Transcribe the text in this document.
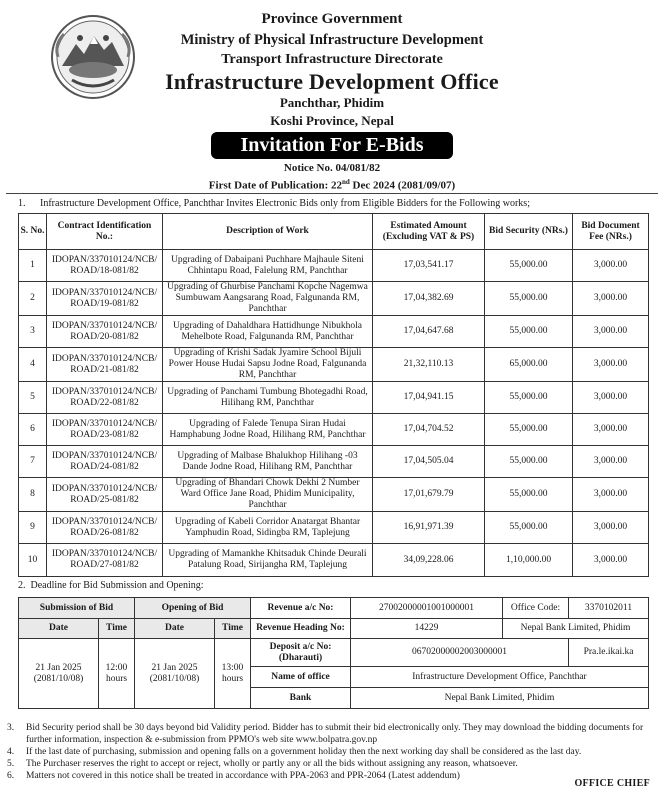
Province Government
Ministry of Physical Infrastructure Development
Transport Infrastructure Directorate
Infrastructure Development Office
Panchthar, Phidim
Koshi Province, Nepal
Invitation For E-Bids
Notice No. 04/081/82
First Date of Publication: 22nd Dec 2024 (2081/09/07)
1. Infrastructure Development Office, Panchthar Invites Electronic Bids only from Eligible Bidders for the Following works;
S. No.	Contract Identification No.:	Description of Work	Estimated Amount (Excluding VAT & PS)	Bid Security (NRs.)	Bid Document Fee (NRs.)
1	IDOPAN/337010124/NCB/ ROAD/18-081/82	Upgrading of Dabaipani Puchhare Majhaule Siteni Chhintapu Road, Falelung RM, Panchthar	17,03,541.17	55,000.00	3,000.00
2	IDOPAN/337010124/NCB/ ROAD/19-081/82	Upgrading of Ghurbise Panchami Kopche Nagemwa Sumbuwam Aangsarang Road, Falgunanda RM, Panchthar	17,04,382.69	55,000.00	3,000.00
3	IDOPAN/337010124/NCB/ ROAD/20-081/82	Upgrading of Dahaldhara Hattidhunge Nibukhola Mehelbote Road, Falgunanda RM, Panchthar	17,04,647.68	55,000.00	3,000.00
4	IDOPAN/337010124/NCB/ ROAD/21-081/82	Upgrading of Krishi Sadak Jyamire School Bijuli Power House Hudai Sapsu Jodne Road, Falgunanda RM, Panchthar	21,32,110.13	65,000.00	3,000.00
5	IDOPAN/337010124/NCB/ ROAD/22-081/82	Upgrading of Panchami Tumbung Bhotegadhi Road, Hilihang RM, Panchthar	17,04,941.15	55,000.00	3,000.00
6	IDOPAN/337010124/NCB/ ROAD/23-081/82	Upgrading of Falede Tenupa Siran Hudai Hamphabung Jodne Road, Hilihang RM, Panchthar	17,04,704.52	55,000.00	3,000.00
7	IDOPAN/337010124/NCB/ ROAD/24-081/82	Upgrading of Malbase Bhalukhop Hilihang -03 Dande Jodne Road, Hilihang RM, Panchthar	17,04,505.04	55,000.00	3,000.00
8	IDOPAN/337010124/NCB/ ROAD/25-081/82	Upgrading of Bhandari Chowk Dekhi 2 Number Ward Office Jane Road, Phidim Municipality, Panchthar	17,01,679.79	55,000.00	3,000.00
9	IDOPAN/337010124/NCB/ ROAD/26-081/82	Upgrading of Kabeli Corridor Anatargat Bhantar Yamphudin Road, Sidingba RM, Taplejung	16,91,971.39	55,000.00	3,000.00
10	IDOPAN/337010124/NCB/ ROAD/27-081/82	Upgrading of Mamankhe Khitsaduk Chinde Deurali Patalung Road, Sirijangha RM, Taplejung	34,09,228.06	1,10,000.00	3,000.00
2. Deadline for Bid Submission and Opening:
Submission of Bid		Opening of Bid		Revenue a/c No:	27002000001001000001	Office Code:	3370102011
Date	Time	Date	Time	Revenue Heading No:	14229	Nepal Bank Limited, Phidim	
21 Jan 2025 (2081/10/08)	12:00 hours	21 Jan 2025 (2081/10/08)	13:00 hours	Deposit a/c No: (Dharauti)	06702000002003000001		Pra.le.ikai.ka
				Name of office	Infrastructure Development Office, Panchthar		
				Bank	Nepal Bank Limited, Phidim		
3.	Bid Security period shall be 30 days beyond bid Validity period. Bidder has to submit their bid electronically only. They may download the bidding documents for further information, inspection & e-submission from PPMO's web site www.bolpatra.gov.np
4.	If the last date of purchasing, submission and opening falls on a government holiday then the next working day shall be considered as the last day.
5.	The Purchaser reserves the right to accept or reject, wholly or partly any or all the bids without assigning any reason, whatsoever.
6.	Matters not covered in this notice shall be treated in accordance with PPA-2063 and PPR-2064 (Latest addendum)
OFFICE CHIEF
